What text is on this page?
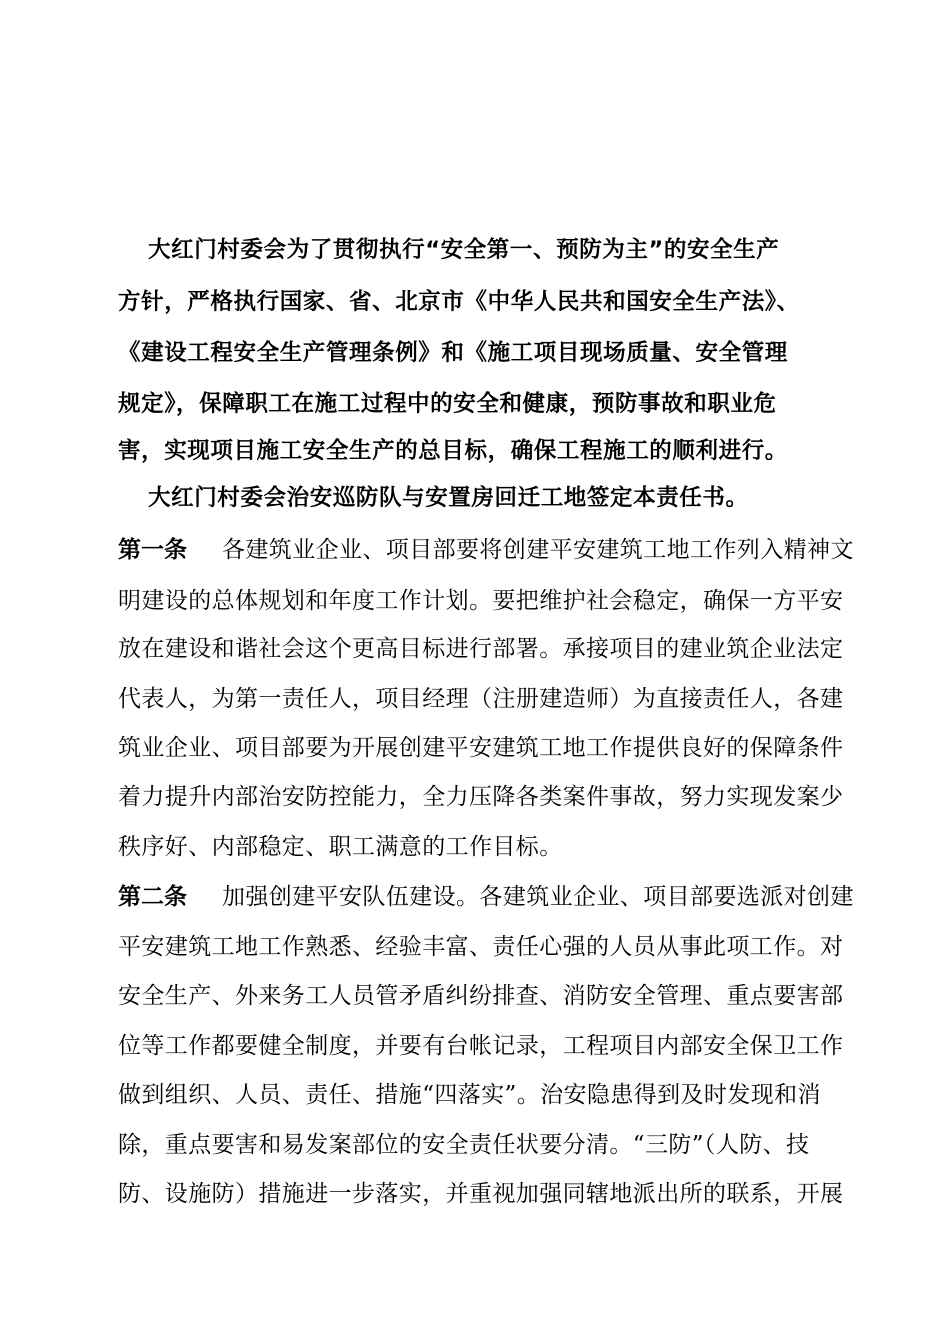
大红门村委会为了贯彻执行“安全第一、预防为主”的安全生产
方针，严格执行国家、省、北京市《中华人民共和国安全生产法》、
《建设工程安全生产管理条例》和《施工项目现场质量、安全管理
规定》，保障职工在施工过程中的安全和健康，预防事故和职业危
害，实现项目施工安全生产的总目标，确保工程施工的顺利进行。
大红门村委会治安巡防队与安置房回迁工地签定本责任书。
第一条 各建筑业企业、项目部要将创建平安建筑工地工作列入精神文
明建设的总体规划和年度工作计划。要把维护社会稳定，确保一方平安
放在建设和谐社会这个更高目标进行部署。承接项目的建业筑企业法定
代表人，为第一责任人，项目经理（注册建造师）为直接责任人，各建
筑业企业、项目部要为开展创建平安建筑工地工作提供良好的保障条件
着力提升内部治安防控能力，全力压降各类案件事故，努力实现发案少
秩序好、内部稳定、职工满意的工作目标。
第二条 加强创建平安队伍建设。各建筑业企业、项目部要选派对创建
平安建筑工地工作熟悉、经验丰富、责任心强的人员从事此项工作。对
安全生产、外来务工人员管矛盾纠纷排查、消防安全管理、重点要害部
位等工作都要健全制度，并要有台帐记录，工程项目内部安全保卫工作
做到组织、人员、责任、措施“四落实”。治安隐患得到及时发现和消
除，重点要害和易发案部位的安全责任状要分清。“三防”（人防、技
防、设施防）措施进一步落实，并重视加强同辖地派出所的联系，开展
